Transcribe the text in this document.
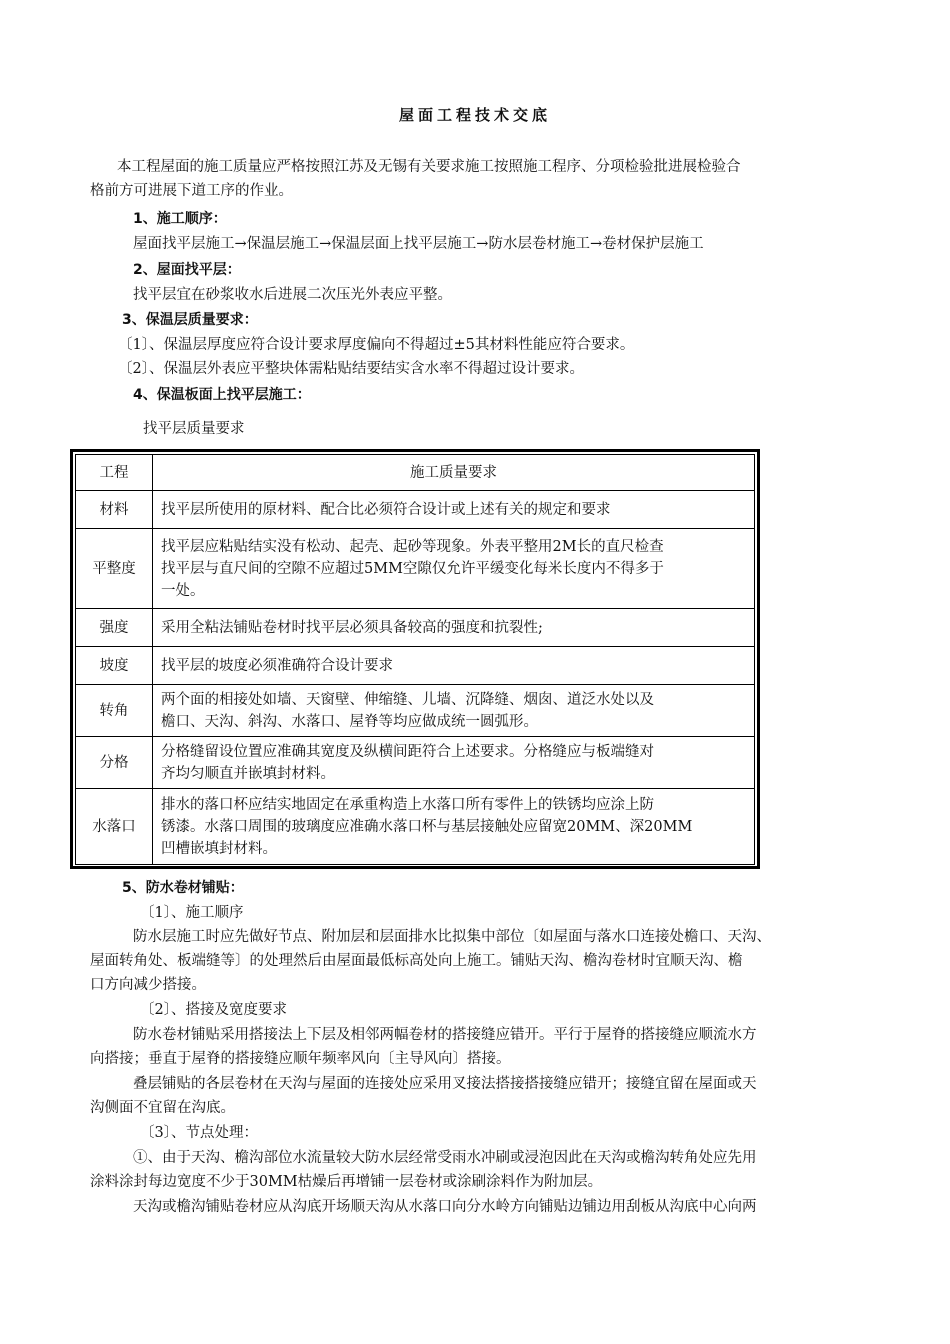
屋面工程技术交底
本工程屋面的施工质量应严格按照江苏及无锡有关要求施工按照施工程序、分项检验批进展检验合
格前方可进展下道工序的作业。
1、施工顺序：
屋面找平层施工→保温层施工→保温层面上找平层施工→防水层卷材施工→卷材保护层施工
2、屋面找平层：
找平层宜在砂浆收水后进展二次压光外表应平整。
3、保温层质量要求：
〔1〕、保温层厚度应符合设计要求厚度偏向不得超过±5其材料性能应符合要求。
〔2〕、保温层外表应平整块体需粘贴结要结实含水率不得超过设计要求。
4、保温板面上找平层施工：
找平层质量要求
工程	施工质量要求
材料	找平层所使用的原材料、配合比必须符合设计或上述有关的规定和要求

平整度	找平层应粘贴结实没有松动、起壳、起砂等现象。外表平整用2M长的直尺检查
找平层与直尺间的空隙不应超过5MM空隙仅允许平缓变化每米长度内不得多于
一处。

强度	采用全粘法铺贴卷材时找平层必须具备较高的强度和抗裂性;

坡度	找平层的坡度必须准确符合设计要求

转角	两个面的相接处如墙、天窗壁、伸缩缝、儿墙、沉降缝、烟囱、道泛水处以及
檐口、天沟、斜沟、水落口、屋脊等均应做成统一圆弧形。

分格	分格缝留设位置应准确其宽度及纵横间距符合上述要求。分格缝应与板端缝对
齐均匀顺直并嵌填封材料。

水落口	排水的落口杯应结实地固定在承重构造上水落口所有零件上的铁锈均应涂上防
锈漆。水落口周围的玻璃度应准确水落口杯与基层接触处应留宽20MM、深20MM
凹槽嵌填封材料。
5、防水卷材铺贴：
〔1〕、施工顺序
防水层施工时应先做好节点、附加层和层面排水比拟集中部位〔如屋面与落水口连接处檐口、天沟、
屋面转角处、板端缝等〕的处理然后由屋面最低标高处向上施工。铺贴天沟、檐沟卷材时宜顺天沟、檐
口方向减少搭接。
〔2〕、搭接及宽度要求
防水卷材铺贴采用搭接法上下层及相邻两幅卷材的搭接缝应错开。平行于屋脊的搭接缝应顺流水方
向搭接；垂直于屋脊的搭接缝应顺年频率风向〔主导风向〕搭接。
叠层铺贴的各层卷材在天沟与屋面的连接处应采用叉接法搭接搭接缝应错开；接缝宜留在屋面或天
沟侧面不宜留在沟底。
〔3〕、节点处理：
①、由于天沟、檐沟部位水流量较大防水层经常受雨水冲刷或浸泡因此在天沟或檐沟转角处应先用
涂料涂封每边宽度不少于30MM枯燥后再增铺一层卷材或涂刷涂料作为附加层。
天沟或檐沟铺贴卷材应从沟底开场顺天沟从水落口向分水岭方向铺贴边铺边用刮板从沟底中心向两
